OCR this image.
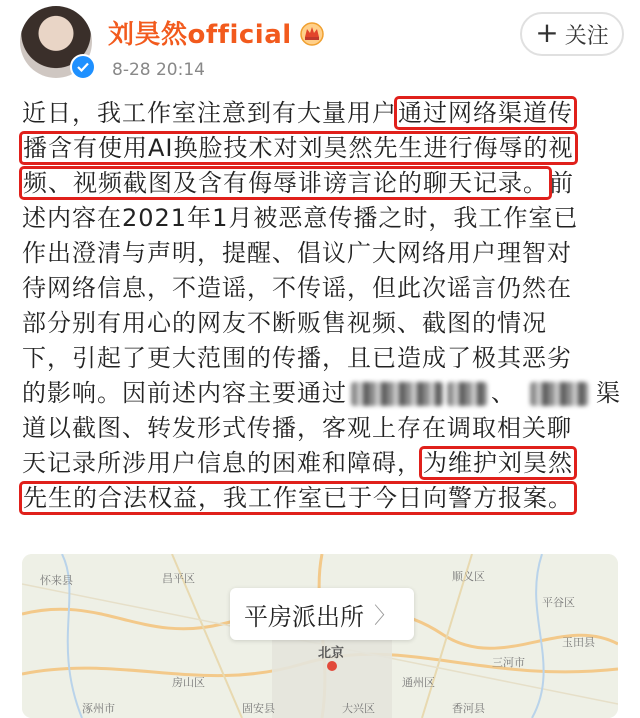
刘昊然official
8-28 20:14
+ 关注
近日，我工作室注意到有大量用户通过网络渠道传
播含有使用AI换脸技术对刘昊然先生进行侮辱的视
频、视频截图及含有侮辱诽谤言论的聊天记录。前
述内容在2021年1月被恶意传播之时，我工作室已
作出澄清与声明，提醒、倡议广大网络用户理智对
待网络信息，不造谣，不传谣，但此次谣言仍然在
部分别有用心的网友不断贩售视频、截图的情况
下，引起了更大范围的传播，且已造成了极其恶劣
的影响。因前述内容主要通过	、	渠
道以截图、转发形式传播，客观上存在调取相关聊
天记录所涉用户信息的困难和障碍，为维护刘昊然
先生的合法权益，我工作室已于今日向警方报案。
怀来县	昌平区	顺义区
平谷区
三河市
通州区
大兴区
房山区
涿州市	固安县	香河县
玉田县
北京
平房派出所 〉
